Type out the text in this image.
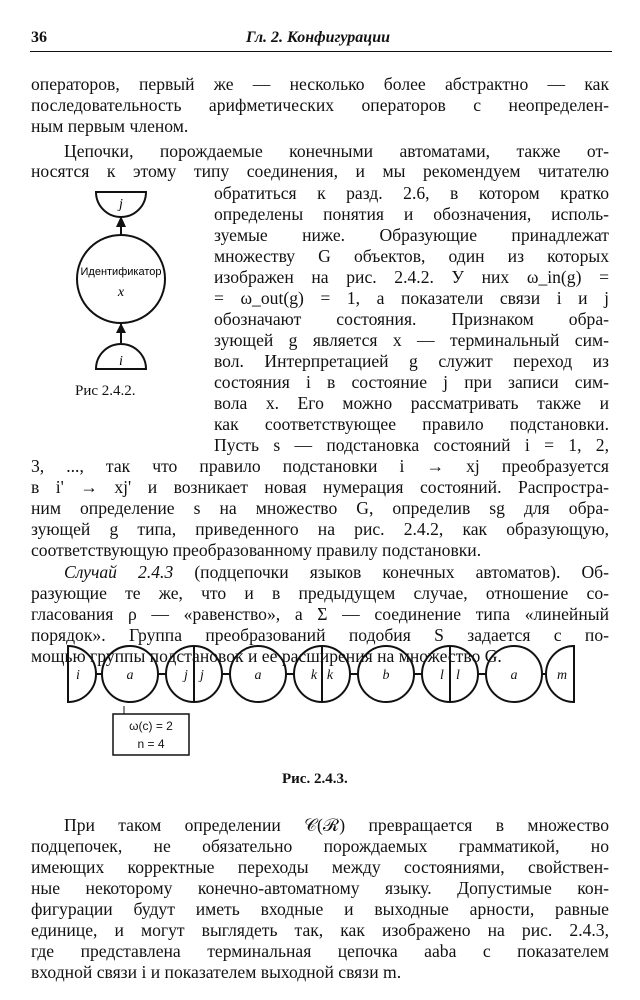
36	Гл. 2. Конфигурации
операторов, первый же — несколько более абстрактно — как
последовательность арифметических операторов с неопределен-
ным первым членом.
Цепочки, порождаемые конечными автоматами, также от-
носятся к этому типу соединения, и мы рекомендуем читателю
обратиться к разд. 2.6, в котором кратко
определены понятия и обозначения, исполь-
зуемые ниже. Образующие принадлежат
множеству G объектов, один из которых
изображен на рис. 2.4.2. У них ω_in(g) =
= ω_out(g) = 1, а показатели связи i и j
обозначают состояния. Признаком обра-
зующей g является x — терминальный сим-
вол. Интерпретацией g служит переход из
состояния i в состояние j при записи сим-
вола x. Его можно рассматривать также и
как соответствующее правило подстановки.
Пусть s — подстановка состояний i = 1, 2,
3, ..., так что правило подстановки i → xj преобразуется
в i' → xj' и возникает новая нумерация состояний. Распростра-
ним определение s на множество G, определив sg для обра-
зующей g типа, приведенного на рис. 2.4.2, как образующую,
соответствующую преобразованному правилу подстановки.
j
Идентификатор
x
i
Рис 2.4.2.
Случай 2.4.3 (подцепочки языков конечных автоматов). Об-
разующие те же, что и в предыдущем случае, отношение со-
гласования ρ — «равенство», а Σ — соединение типа «линейный
порядок». Группа преобразований подобия S задается с по-
мощью группы подстановок и ее расширения на множество G.
i	a	j j	a	k k	b	l l	a	m
ω(c) = 2
n = 4
Рис. 2.4.3.
При таком определении 𝒞(ℛ) превращается в множество
подцепочек, не обязательно порождаемых грамматикой, но
имеющих корректные переходы между состояниями, свойствен-
ные некоторому конечно-автоматному языку. Допустимые кон-
фигурации будут иметь входные и выходные арности, равные
единице, и могут выглядеть так, как изображено на рис. 2.4.3,
где представлена терминальная цепочка aaba с показателем
входной связи i и показателем выходной связи m.
